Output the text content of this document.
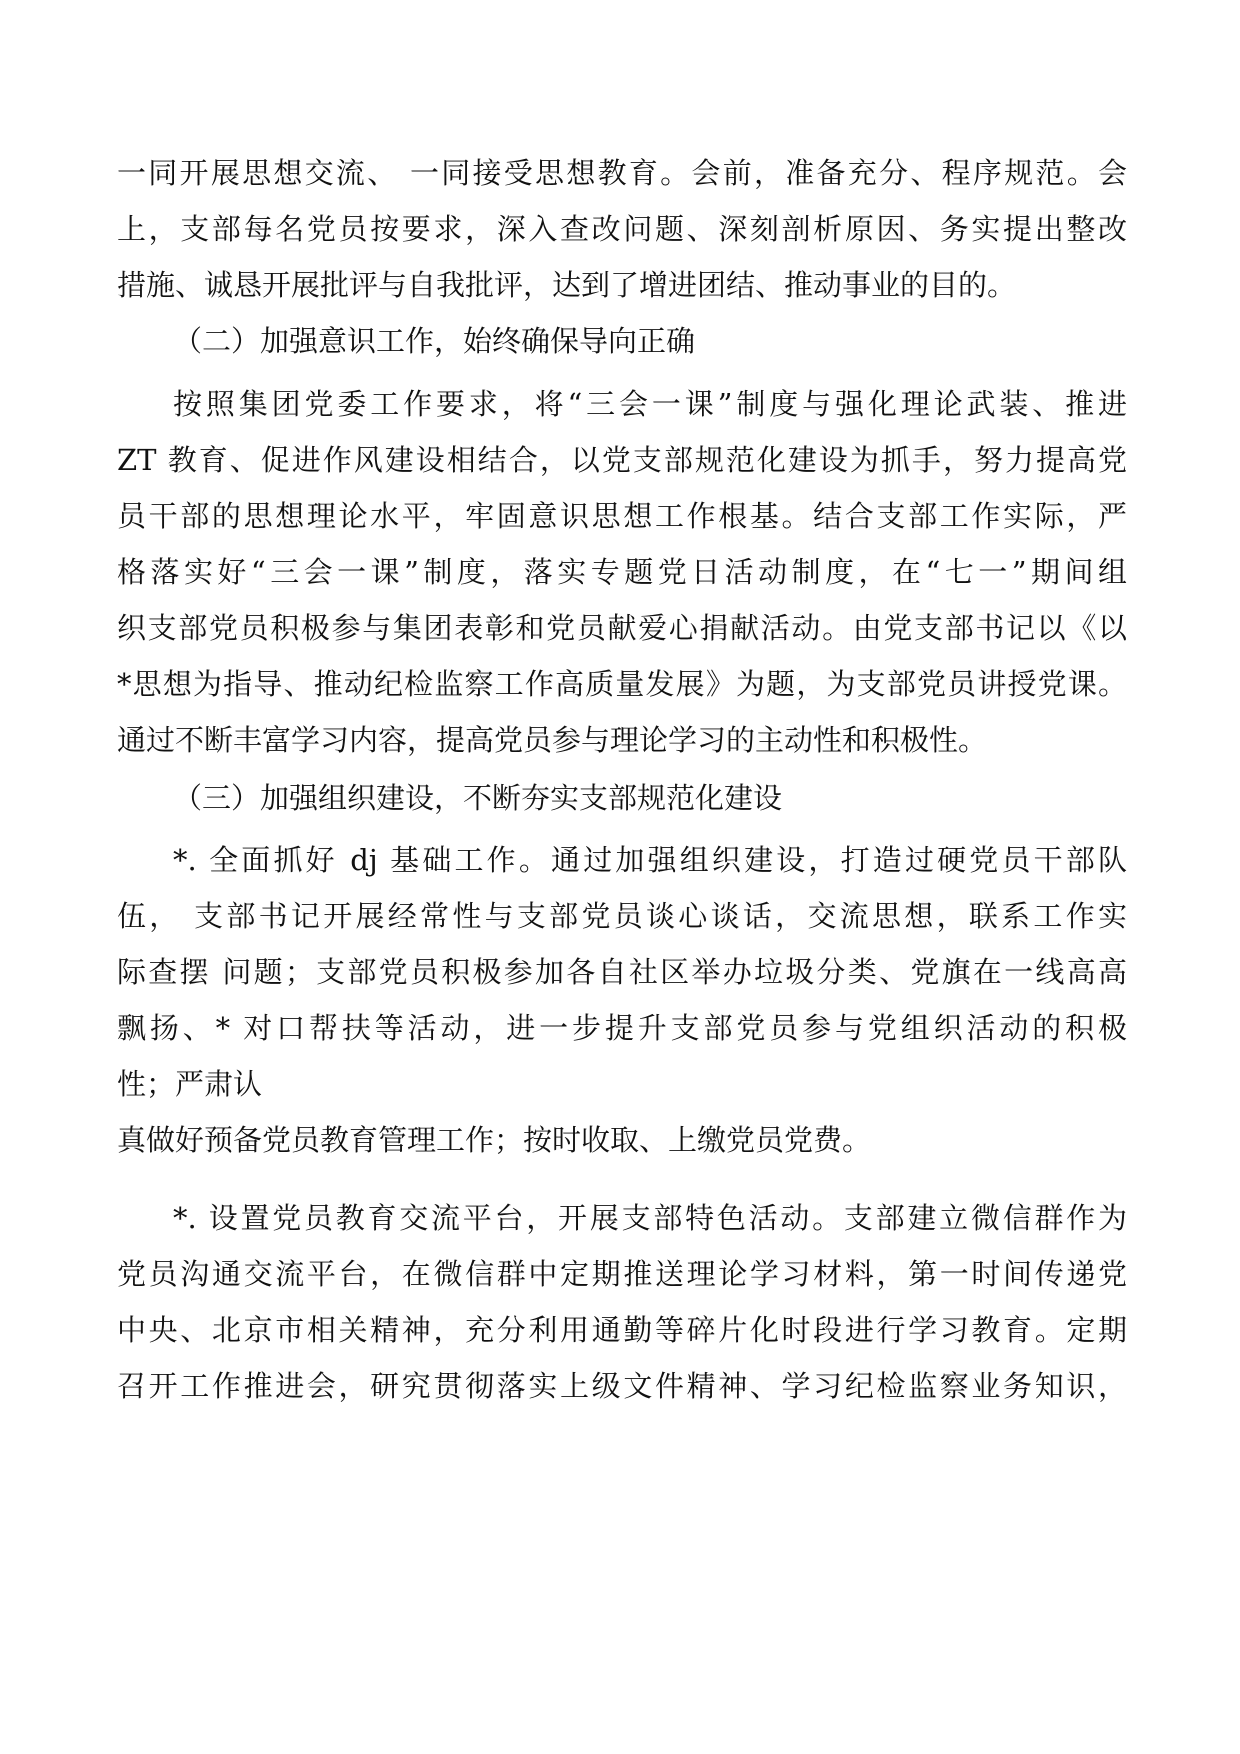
一同开展思想交流、 一同接受思想教育。会前，准备充分、程序规范。会
上，支部每名党员按要求，深入查改问题、深刻剖析原因、务实提出整改
措施、诚恳开展批评与自我批评，达到了增进团结、推动事业的目的。
（二）加强意识工作，始终确保导向正确
按照集团党委工作要求，将“三会一课”制度与强化理论武装、推进
ZT 教育、促进作风建设相结合，以党支部规范化建设为抓手，努力提高党
员干部的思想理论水平，牢固意识思想工作根基。结合支部工作实际，严
格落实好“三会一课”制度，落实专题党日活动制度，在“七一”期间组
织支部党员积极参与集团表彰和党员献爱心捐献活动。由党支部书记以《以
*思想为指导、推动纪检监察工作高质量发展》为题，为支部党员讲授党课。
通过不断丰富学习内容，提高党员参与理论学习的主动性和积极性。
（三）加强组织建设，不断夯实支部规范化建设
*. 全面抓好 dj 基础工作。通过加强组织建设，打造过硬党员干部队
伍， 支部书记开展经常性与支部党员谈心谈话，交流思想，联系工作实
际查摆 问题；支部党员积极参加各自社区举办垃圾分类、党旗在一线高高
飘扬、* 对口帮扶等活动，进一步提升支部党员参与党组织活动的积极
性；严肃认
真做好预备党员教育管理工作；按时收取、上缴党员党费。
*. 设置党员教育交流平台，开展支部特色活动。支部建立微信群作为
党员沟通交流平台，在微信群中定期推送理论学习材料，第一时间传递党
中央、北京市相关精神，充分利用通勤等碎片化时段进行学习教育。定期
召开工作推进会，研究贯彻落实上级文件精神、学习纪检监察业务知识，
